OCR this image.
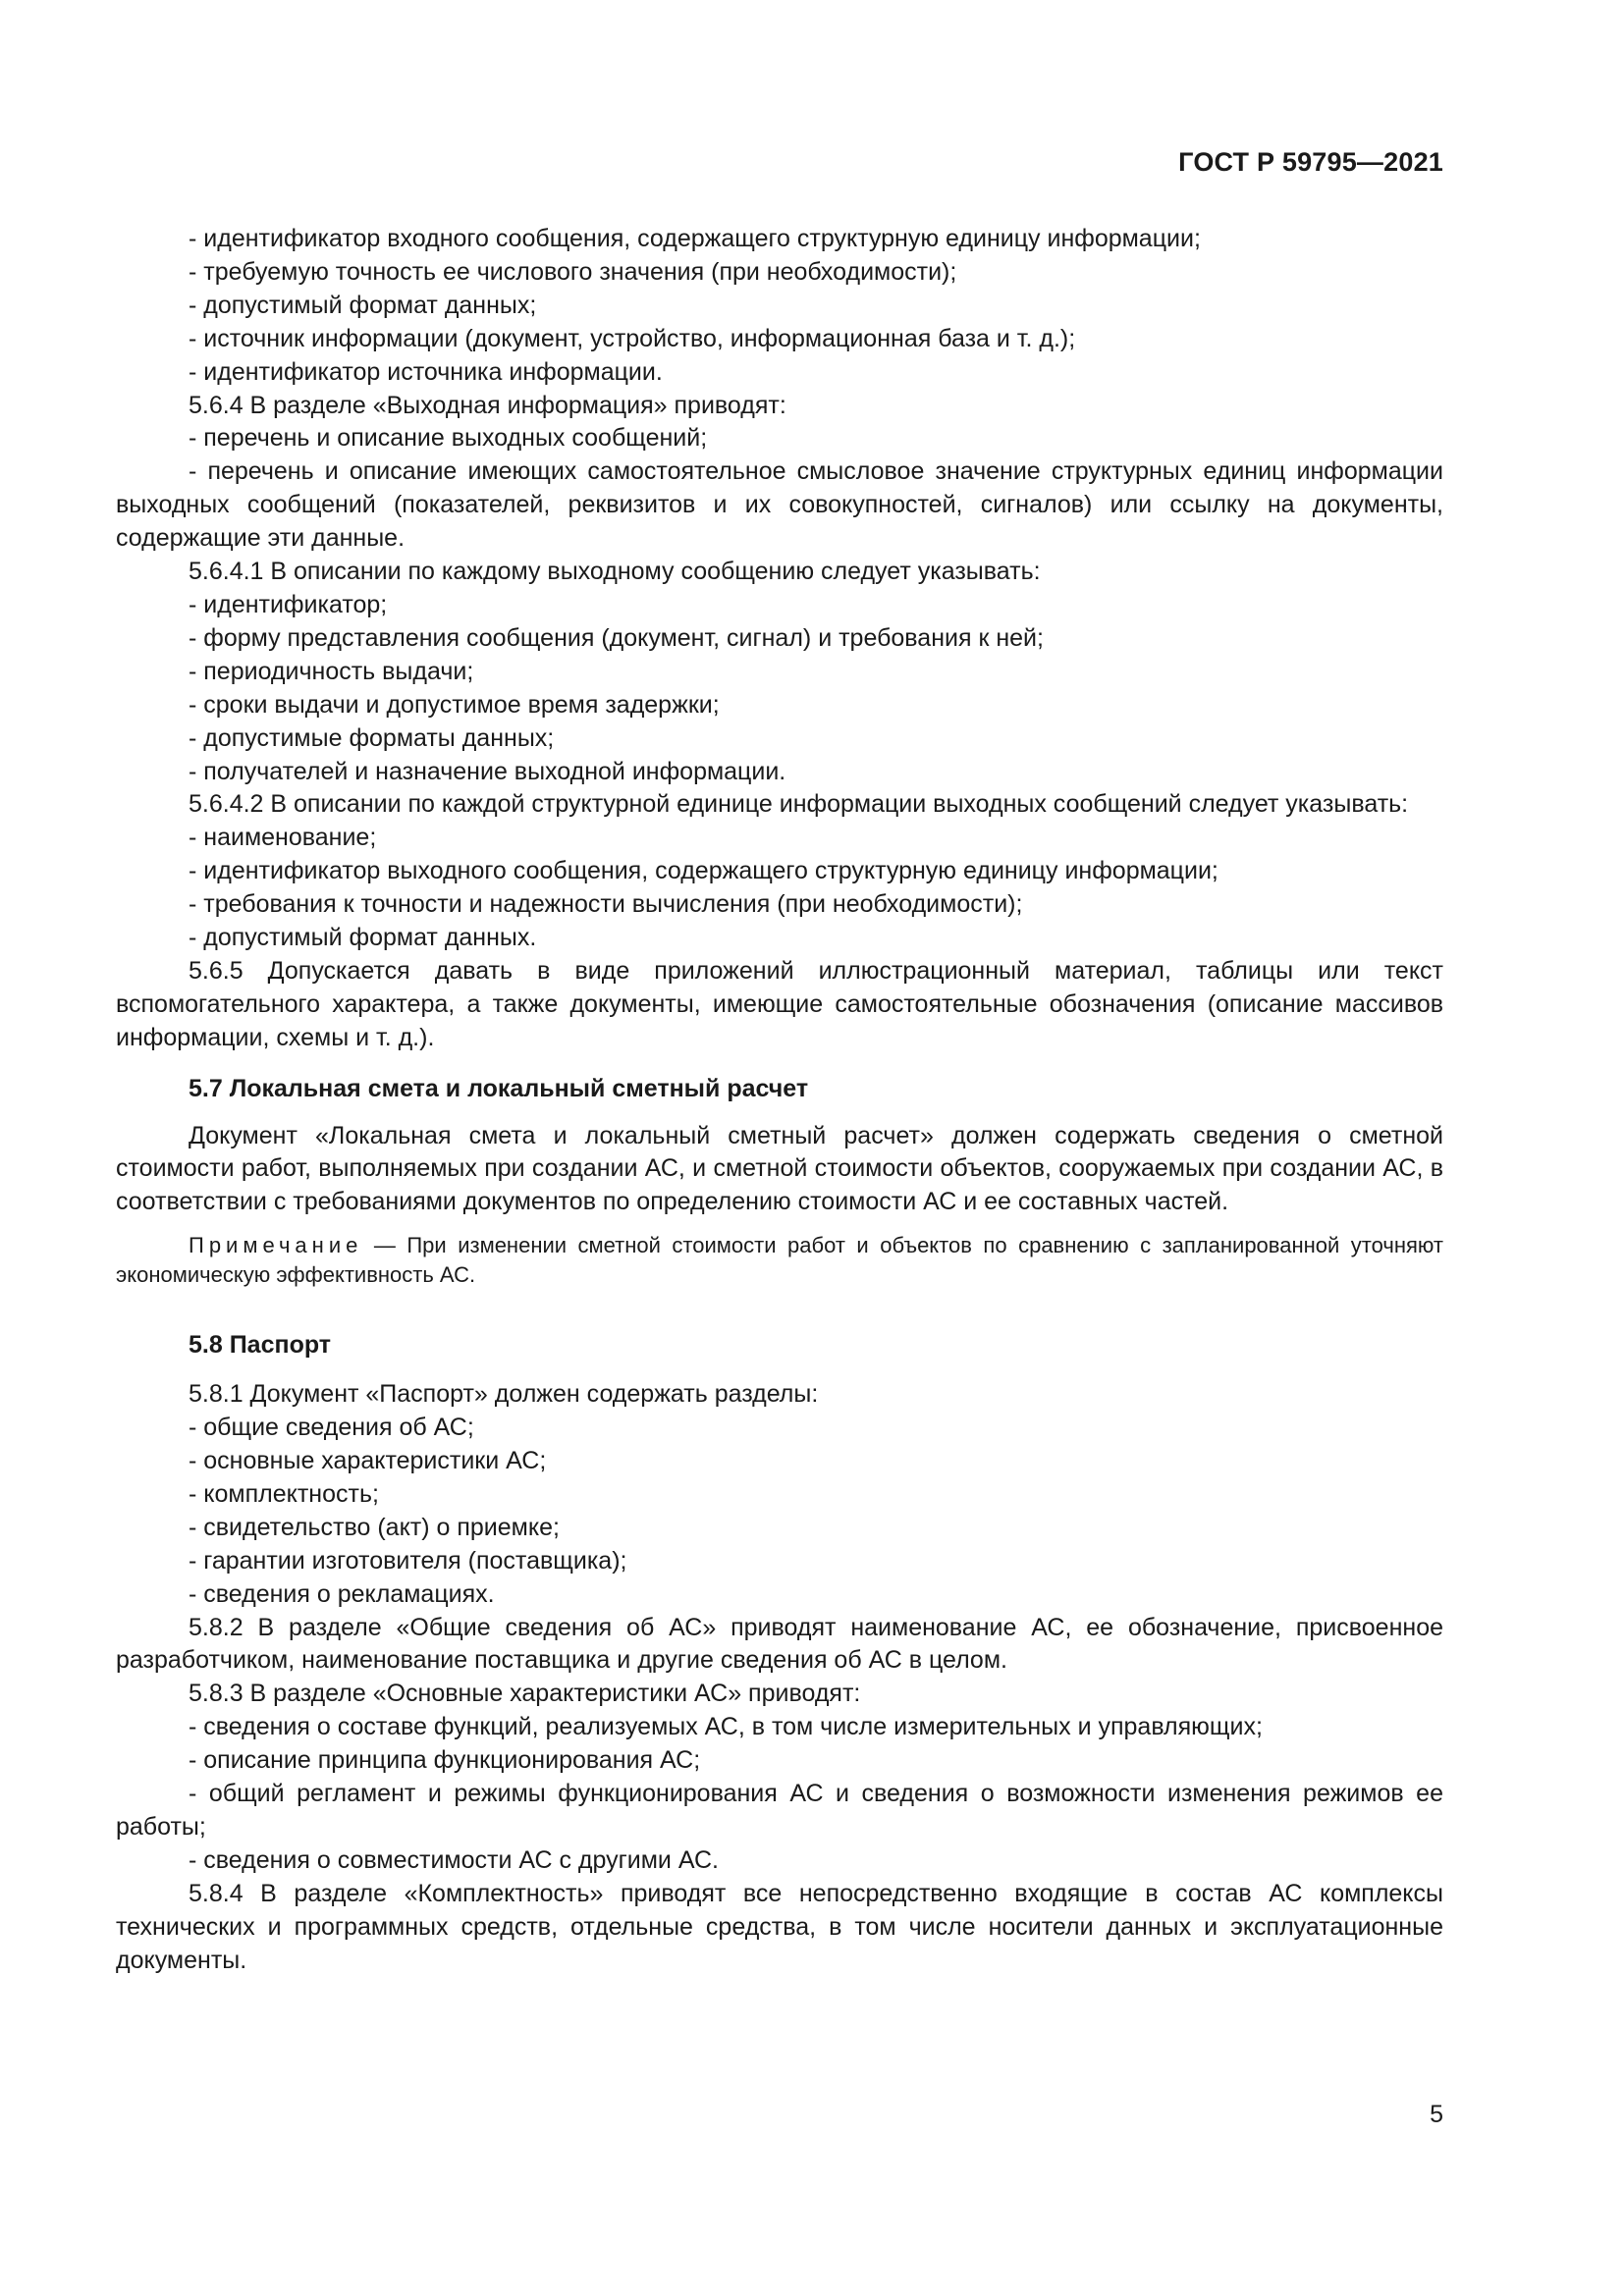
ГОСТ Р 59795—2021

- идентификатор входного сообщения, содержащего структурную единицу информации;

- требуемую точность ее числового значения (при необходимости);

- допустимый формат данных;

- источник информации (документ, устройство, информационная база и т. д.);

- идентификатор источника информации.

5.6.4 В разделе «Выходная информация» приводят:

- перечень и описание выходных сообщений;

- перечень и описание имеющих самостоятельное смысловое значение структурных единиц информации выходных сообщений (показателей, реквизитов и их совокупностей, сигналов) или ссылку на документы, содержащие эти данные.

5.6.4.1 В описании по каждому выходному сообщению следует указывать:

- идентификатор;

- форму представления сообщения (документ, сигнал) и требования к ней;

- периодичность выдачи;

- сроки выдачи и допустимое время задержки;

- допустимые форматы данных;

- получателей и назначение выходной информации.

5.6.4.2 В описании по каждой структурной единице информации выходных сообщений следует указывать:

- наименование;

- идентификатор выходного сообщения, содержащего структурную единицу информации;

- требования к точности и надежности вычисления (при необходимости);

- допустимый формат данных.

5.6.5 Допускается давать в виде приложений иллюстрационный материал, таблицы или текст вспомогательного характера, а также документы, имеющие самостоятельные обозначения (описание массивов информации, схемы и т. д.).

5.7 Локальная смета и локальный сметный расчет

Документ «Локальная смета и локальный сметный расчет» должен содержать сведения о сметной стоимости работ, выполняемых при создании АС, и сметной стоимости объектов, сооружаемых при создании АС, в соответствии с требованиями документов по определению стоимости АС и ее составных частей.

Примечание — При изменении сметной стоимости работ и объектов по сравнению с запланированной уточняют экономическую эффективность АС.

5.8 Паспорт

5.8.1 Документ «Паспорт» должен содержать разделы:

- общие сведения об АС;

- основные характеристики АС;

- комплектность;

- свидетельство (акт) о приемке;

- гарантии изготовителя (поставщика);

- сведения о рекламациях.

5.8.2 В разделе «Общие сведения об АС» приводят наименование АС, ее обозначение, присвоенное разработчиком, наименование поставщика и другие сведения об АС в целом.

5.8.3 В разделе «Основные характеристики АС» приводят:

- сведения о составе функций, реализуемых АС, в том числе измерительных и управляющих;

- описание принципа функционирования АС;

- общий регламент и режимы функционирования АС и сведения о возможности изменения режимов ее работы;

- сведения о совместимости АС с другими АС.

5.8.4 В разделе «Комплектность» приводят все непосредственно входящие в состав АС комплексы технических и программных средств, отдельные средства, в том числе носители данных и эксплуатационные документы.

5
